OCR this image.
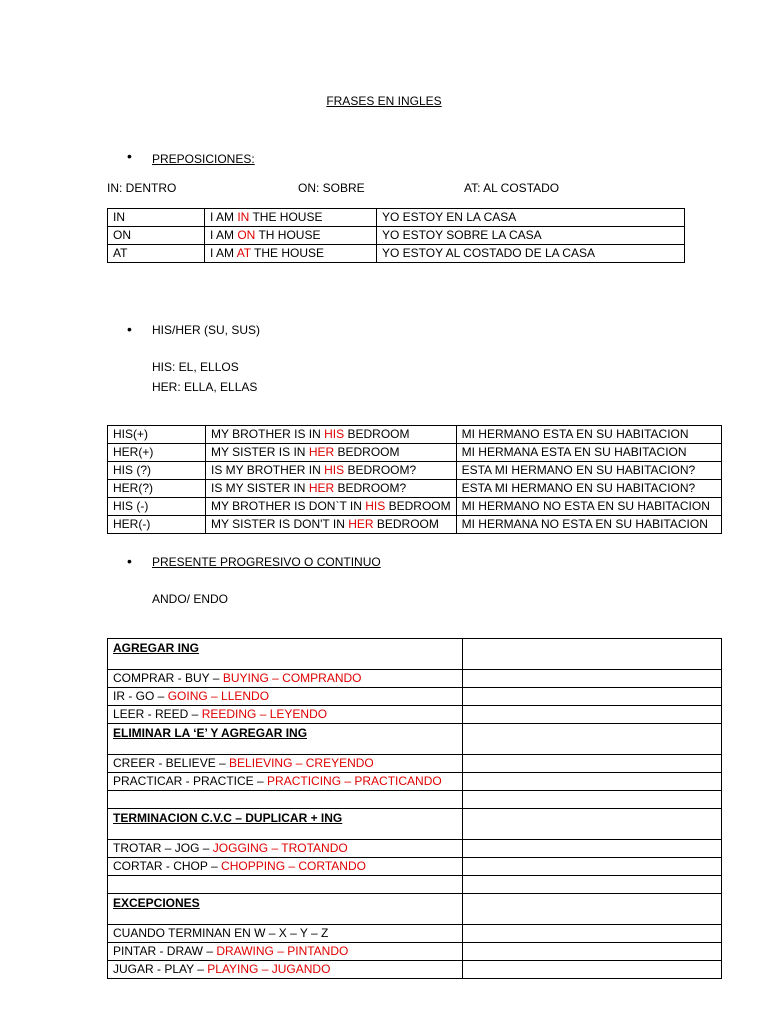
FRASES EN INGLES
• PREPOSICIONES:
IN: DENTRO	ON: SOBRE	AT: AL COSTADO
IN	I AM IN THE HOUSE	YO ESTOY EN LA CASA
ON	I AM ON TH HOUSE	YO ESTOY SOBRE LA CASA
AT	I AM AT THE HOUSE	YO ESTOY AL COSTADO DE LA CASA
• HIS/HER (SU, SUS)
HIS: EL, ELLOS
HER: ELLA, ELLAS
HIS(+)	MY BROTHER IS IN HIS BEDROOM	MI HERMANO ESTA EN SU HABITACION
HER(+)	MY SISTER IS IN HER BEDROOM	MI HERMANA ESTA EN SU HABITACION
HIS (?)	IS MY BROTHER IN HIS BEDROOM?	ESTA MI HERMANO EN SU HABITACION?
HER(?)	IS MY SISTER IN HER BEDROOM?	ESTA MI HERMANO EN SU HABITACION?
HIS (-)	MY BROTHER IS DON`T IN HIS BEDROOM	MI HERMANO NO ESTA EN SU HABITACION
HER(-)	MY SISTER IS DON'T IN HER BEDROOM	MI HERMANA NO ESTA EN SU HABITACION
• PRESENTE PROGRESIVO O CONTINUO
ANDO/ ENDO
AGREGAR ING	
COMPRAR - BUY – BUYING – COMPRANDO	
IR - GO – GOING – LLENDO	
LEER - REED – REEDING – LEYENDO	
ELIMINAR LA ‘E’ Y AGREGAR ING	
CREER - BELIEVE – BELIEVING – CREYENDO	
PRACTICAR - PRACTICE – PRACTICING – PRACTICANDO	

TERMINACION C.V.C – DUPLICAR + ING	
TROTAR – JOG – JOGGING – TROTANDO	
CORTAR - CHOP – CHOPPING – CORTANDO	

EXCEPCIONES	
CUANDO TERMINAN EN W – X – Y – Z	
PINTAR - DRAW – DRAWING – PINTANDO	
JUGAR - PLAY – PLAYING – JUGANDO	
